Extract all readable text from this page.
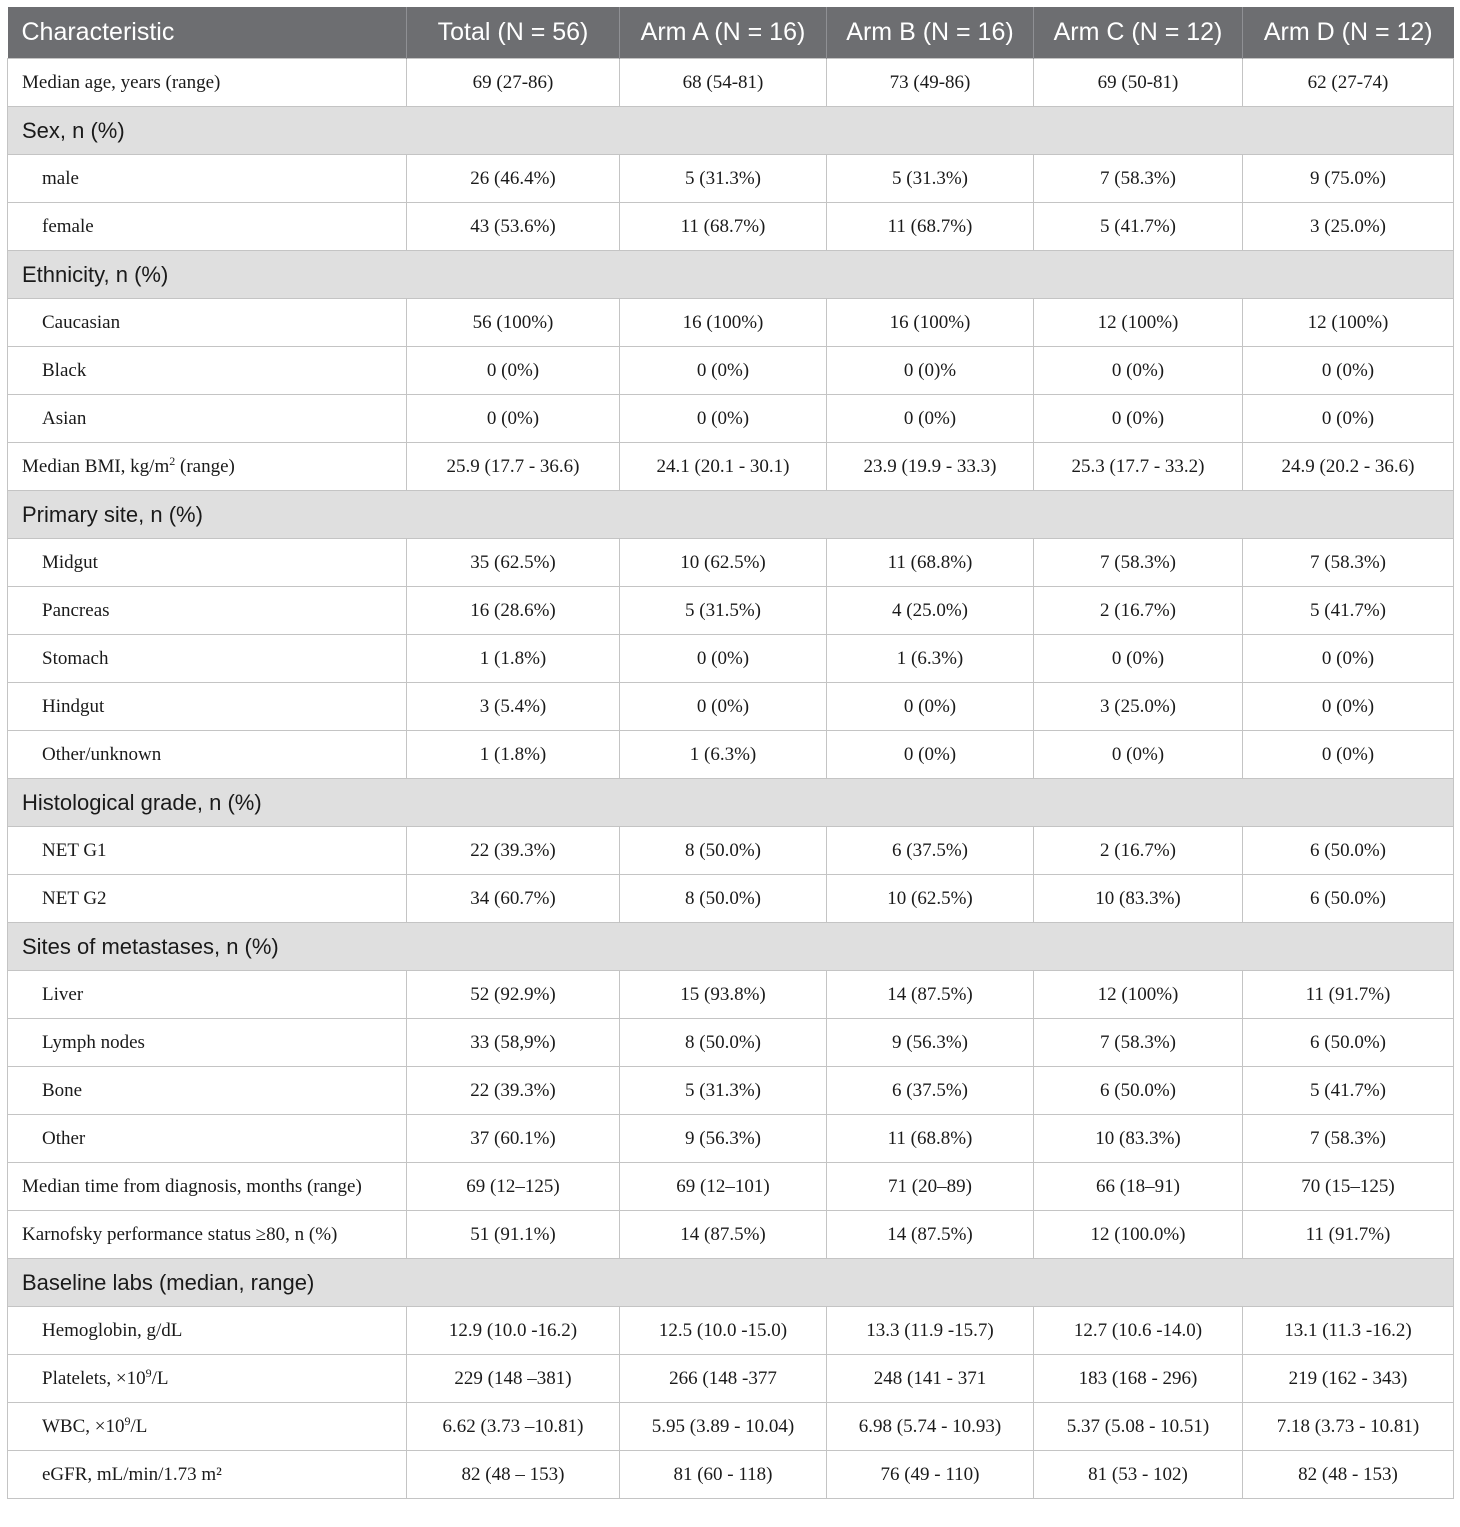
Characteristic	Total (N = 56)	Arm A (N = 16)	Arm B (N = 16)	Arm C (N = 12)	Arm D (N = 12)
Median age, years (range)	69 (27-86)	68 (54-81)	73 (49-86)	69 (50-81)	62 (27-74)
Sex, n (%)					
male	26 (46.4%)	5 (31.3%)	5 (31.3%)	7 (58.3%)	9 (75.0%)
female	43 (53.6%)	11 (68.7%)	11 (68.7%)	5 (41.7%)	3 (25.0%)
Ethnicity, n (%)					
Caucasian	56 (100%)	16 (100%)	16 (100%)	12 (100%)	12 (100%)
Black	0 (0%)	0 (0%)	0 (0)%	0 (0%)	0 (0%)
Asian	0 (0%)	0 (0%)	0 (0%)	0 (0%)	0 (0%)
Median BMI, $kg/m^2$ (range)	25.9 (17.7 - 36.6)	24.1 (20.1 - 30.1)	23.9 (19.9 - 33.3)	25.3 (17.7 - 33.2)	24.9 (20.2 - 36.6)
Primary site, n (%)					
Midgut	35 (62.5%)	10 (62.5%)	11 (68.8%)	7 (58.3%)	7 (58.3%)
Pancreas	16 (28.6%)	5 (31.5%)	4 (25.0%)	2 (16.7%)	5 (41.7%)
Stomach	1 (1.8%)	0 (0%)	1 (6.3%)	0 (0%)	0 (0%)
Hindgut	3 (5.4%)	0 (0%)	0 (0%)	3 (25.0%)	0 (0%)
Other/unknown	1 (1.8%)	1 (6.3%)	0 (0%)	0 (0%)	0 (0%)
Histological grade, n (%)					
NET G1	22 (39.3%)	8 (50.0%)	6 (37.5%)	2 (16.7%)	6 (50.0%)
NET G2	34 (60.7%)	8 (50.0%)	10 (62.5%)	10 (83.3%)	6 (50.0%)
Sites of metastases, n (%)					
Liver	52 (92.9%)	15 (93.8%)	14 (87.5%)	12 (100%)	11 (91.7%)
Lymph nodes	33 (58,9%)	8 (50.0%)	9 (56.3%)	7 (58.3%)	6 (50.0%)
Bone	22 (39.3%)	5 (31.3%)	6 (37.5%)	6 (50.0%)	5 (41.7%)
Other	37 (60.1%)	9 (56.3%)	11 (68.8%)	10 (83.3%)	7 (58.3%)
Median time from diagnosis, months (range)	69 (12–125)	69 (12–101)	71 (20–89)	66 (18–91)	70 (15–125)
Karnofsky performance status ≥80, n (%)	51 (91.1%)	14 (87.5%)	14 (87.5%)	12 (100.0%)	11 (91.7%)
Baseline labs (median, range)					
Hemoglobin, g/dL	12.9 (10.0 -16.2)	12.5 (10.0 -15.0)	13.3 (11.9 -15.7)	12.7 (10.6 -14.0)	13.1 (11.3 -16.2)
Platelets, $\times 10^9/L$	229 (148 –381)	266 (148 -377	248 (141 - 371	183 (168 - 296)	219 (162 - 343)
WBC, $\times 10^9/L$	6.62 (3.73 –10.81)	5.95 (3.89 - 10.04)	6.98 (5.74 - 10.93)	5.37 (5.08 - 10.51)	7.18 (3.73 - 10.81)
eGFR, mL/min/1.73 m²	82 (48 – 153)	81 (60 - 118)	76 (49 - 110)	81 (53 - 102)	82 (48 - 153)
